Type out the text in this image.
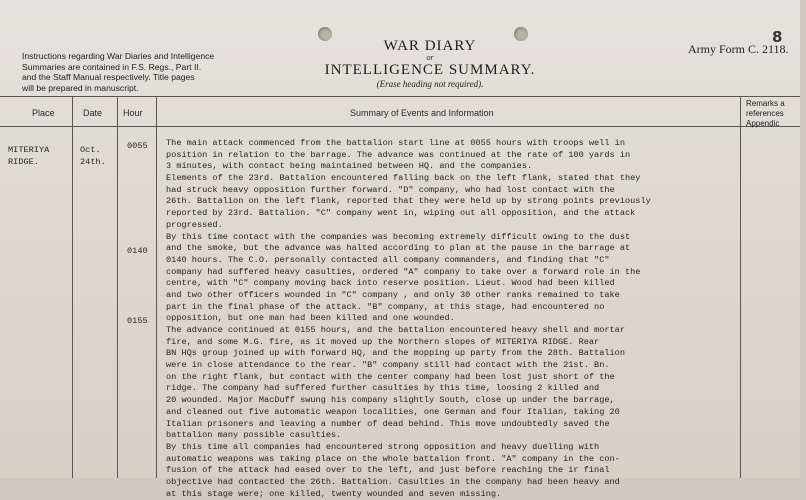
8
Instructions regarding War Diaries and Intelligence
Summaries are contained in F.S. Regs., Part II.
and the Staff Manual respectively. Title pages
will be prepared in manuscript.
WAR DIARY
or
INTELLIGENCE SUMMARY.
(Erase heading not required).
Army Form C. 2118.
Place	Date Hour	Summary of Events and Information
Remarks a
references
Appendic
MITERIYA
RIDGE.
Oct.
24th.
0055
0140
0155
The main attack commenced from the battalion start line at 0055 hours with troops well in
position in relation to the barrage. The advance was continued at the rate of 100 yards in
3 minutes, with contact being maintained between HQ. and the companies.
Elements of the 23rd. Battalion encountered falling back on the left flank, stated that they
had struck heavy opposition further forward. "D" company, who had lost contact with the
26th. Battalion on the left flank, reported that they were held up by strong points previously
reported by 23rd. Battalion. "C" company went in, wiping out all opposition, and the attack
progressed.
By this time contact with the companies was becoming extremely difficult owing to the dust
and the smoke, but the advance was halted according to plan at the pause in the barrage at
0140 hours. The C.O. personally contacted all company commanders, and finding that "C"
company had suffered heavy casulties, ordered "A" company to take over a forward role in the
centre, with "C" company moving back into reserve position. Lieut. Wood had been killed
and two other officers wounded in "C" company , and only 30 other ranks remained to take
part in the final phase of the attack. "B" company, at this stage, had encountered no
opposition, but one man had been killed and one wounded.
The advance continued at 0155 hours, and the battalion encountered heavy shell and mortar
fire, and some M.G. fire, as it moved up the Northern slopes of MITERIYA RIDGE. Rear
BN HQs group joined up with forward HQ, and the mopping up party from the 28th. Battalion
were in close attendance to the rear. "B" company still had contact with the 21st. Bn.
on the right flank, but contact with the center company had been lost just short of the
ridge. The company had suffered further casulties by this time, loosing 2 killed and
20 wounded. Major MacDuff swung his company slightly South, close up under the barrage,
and cleaned out five automatic weapon localities, one German and four Italian, taking 20
Italian prisoners and leaving a number of dead behind. This move undoubtedly saved the
battalion many possible casulties.
By this time all companies had encountered strong opposition and heavy duelling with
automatic weapons was taking place on the whole battalion front. "A" company in the con-
fusion of the attack had eased over to the left, and just before reaching the ir final
objective had contacted the 26th. Battalion. Casulties in the company had been heavy and
at this stage were; one killed, twenty wounded and seven missing.
